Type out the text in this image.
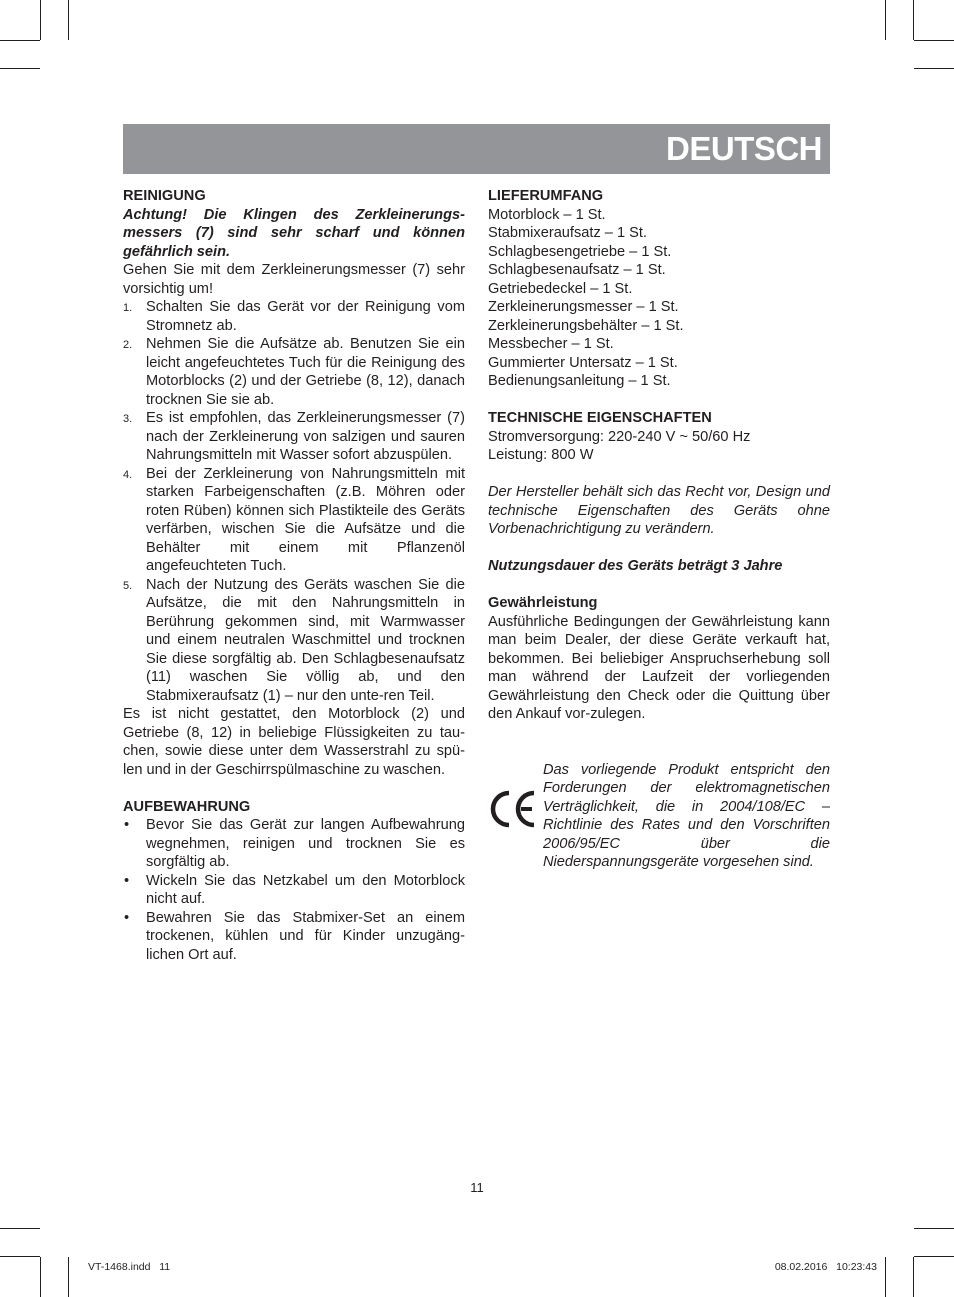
DEUTSCH
REINIGUNG
Achtung! Die Klingen des Zerkleinerungs-messers (7) sind sehr scharf und können gefährlich sein.

Gehen Sie mit dem Zerkleinerungsmesser (7) sehr vorsichtig um!

1. Schalten Sie das Gerät vor der Reinigung vom Stromnetz ab.
2. Nehmen Sie die Aufsätze ab. Benutzen Sie ein leicht angefeuchtetes Tuch für die Reinigung des Motorblocks (2) und der Getriebe (8, 12), danach trocknen Sie sie ab.
3. Es ist empfohlen, das Zerkleinerungsmesser (7) nach der Zerkleinerung von salzigen und sauren Nahrungsmitteln mit Wasser sofort abzuspülen.
4. Bei der Zerkleinerung von Nahrungsmitteln mit starken Farbeigenschaften (z.B. Möhren oder roten Rüben) können sich Plastikteile des Geräts verfärben, wischen Sie die Aufsätze und die Behälter mit einem mit Pflanzenöl angefeuchteten Tuch.
5. Nach der Nutzung des Geräts waschen Sie die Aufsätze, die mit den Nahrungsmitteln in Berührung gekommen sind, mit Warmwasser und einem neutralen Waschmittel und trocknen Sie diese sorgfältig ab. Den Schlagbesenaufsatz (11) waschen Sie völlig ab, und den Stabmixeraufsatz (1) – nur den unte-ren Teil.

Es ist nicht gestattet, den Motorblock (2) und Getriebe (8, 12) in beliebige Flüssigkeiten zu tau-chen, sowie diese unter dem Wasserstrahl zu spü-len und in der Geschirrspülmaschine zu waschen.

AUFBEWAHRUNG
• Bevor Sie das Gerät zur langen Aufbewahrung wegnehmen, reinigen und trocknen Sie es sorgfältig ab.
• Wickeln Sie das Netzkabel um den Motorblock nicht auf.
• Bewahren Sie das Stabmixer-Set an einem trockenen, kühlen und für Kinder unzugäng-lichen Ort auf.
LIEFERUMFANG
Motorblock – 1 St.
Stabmixeraufsatz – 1 St.
Schlagbesengetriebe – 1 St.
Schlagbesenaufsatz – 1 St.
Getriebedeckel – 1 St.
Zerkleinerungsmesser – 1 St.
Zerkleinerungsbehälter – 1 St.
Messbecher – 1 St.
Gummierter Untersatz – 1 St.
Bedienungsanleitung – 1 St.
TECHNISCHE EIGENSCHAFTEN
Stromversorgung: 220-240 V ~ 50/60 Hz
Leistung: 800 W

Der Hersteller behält sich das Recht vor, Design und technische Eigenschaften des Geräts ohne Vorbenachrichtigung zu verändern.

Nutzungsdauer des Geräts beträgt 3 Jahre
Gewährleistung

Ausführliche Bedingungen der Gewährleistung kann man beim Dealer, der diese Geräte verkauft hat, bekommen. Bei beliebiger Anspruchserhebung soll man während der Laufzeit der vorliegenden Gewährleistung den Check oder die Quittung über den Ankauf vor-zulegen.

Das vorliegende Produkt entspricht den Forderungen der elektromagnetischen Verträglichkeit, die in 2004/108/EC – Richtlinie des Rates und den Vorschriften 2006/95/EC über die Niederspannungsgeräte vorgesehen sind.

11
VT-1468.indd   11	08.02.2016   10:23:43
